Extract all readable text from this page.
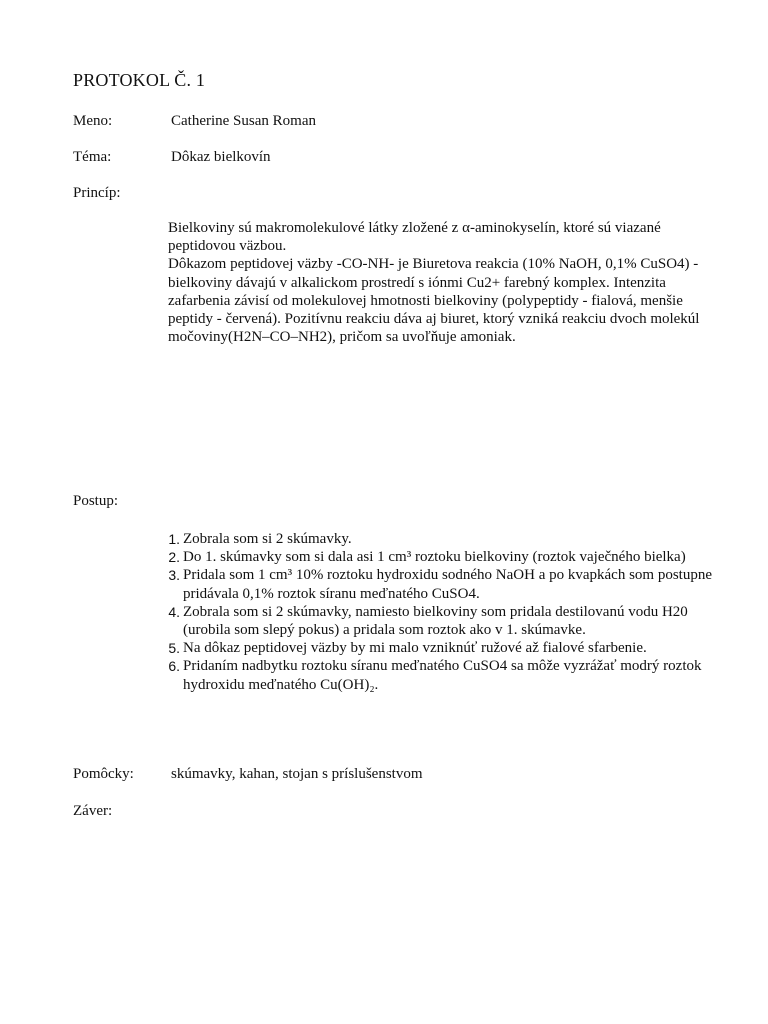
PROTOKOL Č. 1
Meno:	Catherine Susan Roman
Téma:	Dôkaz bielkovín
Princíp:

Bielkoviny sú makromolekulové látky zložené z α-aminokyselín, ktoré sú viazané peptidovou väzbou.

Dôkazom peptidovej väzby -CO-NH- je Biuretova reakcia (10% NaOH, 0,1% CuSO4) - bielkoviny dávajú v alkalickom prostredí s iónmi Cu2+ farebný komplex. Intenzita zafarbenia závisí od molekulovej hmotnosti bielkoviny (polypeptidy - fialová, menšie peptidy - červená). Pozitívnu reakciu dáva aj biuret, ktorý vzniká reakciu dvoch molekúl močoviny(H2N–CO–NH2), pričom sa uvoľňuje amoniak.

Postup:
1. Zobrala som si 2 skúmavky.
2. Do 1. skúmavky som si dala asi 1 cm³ roztoku bielkoviny (roztok vaječného bielka)
3. Pridala som 1 cm³ 10% roztoku hydroxidu sodného NaOH a po kvapkách som postupne pridávala 0,1% roztok síranu meďnatého CuSO4.
4. Zobrala som si 2 skúmavky, namiesto bielkoviny som pridala destilovanú vodu H20 (urobila som slepý pokus) a pridala som roztok ako v 1. skúmavke.
5. Na dôkaz peptidovej väzby by mi malo vzniknúť ružové až fialové sfarbenie.
6. Pridaním nadbytku roztoku síranu meďnatého CuSO4 sa môže vyzrážať modrý roztok hydroxidu meďnatého Cu(OH)₂.
Pomôcky: skúmavky, kahan, stojan s príslušenstvom
Záver:
